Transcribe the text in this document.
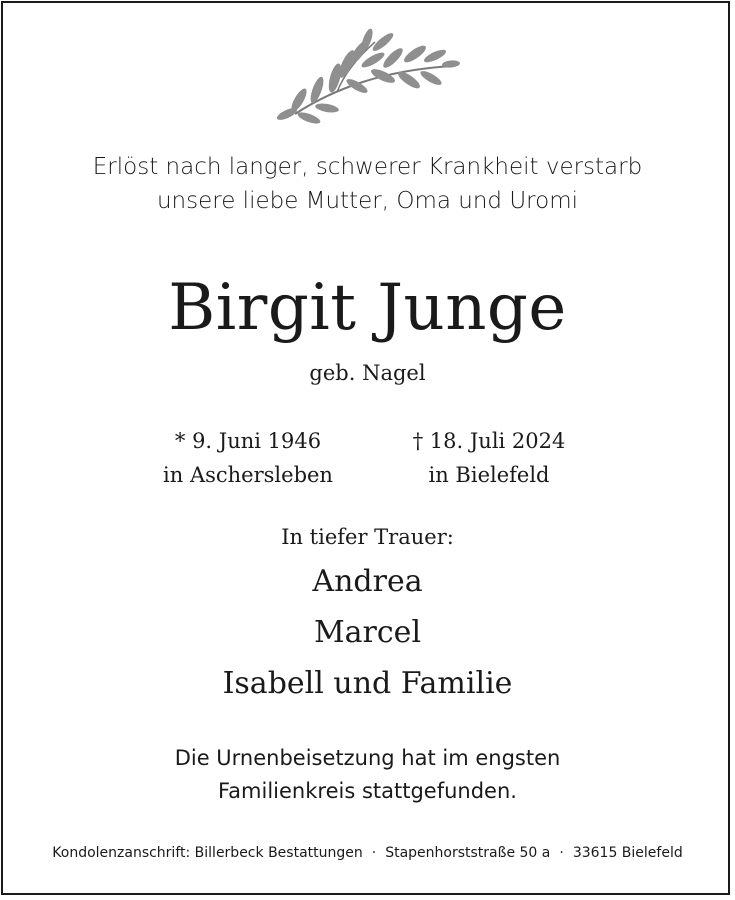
Erlöst nach langer, schwerer Krankheit verstarb
unsere liebe Mutter, Oma und Uromi
Birgit Junge
geb. Nagel
* 9. Juni 1946
in Aschersleben
† 18. Juli 2024
in Bielefeld
In tiefer Trauer:
Andrea
Marcel
Isabell und Familie
Die Urnenbeisetzung hat im engsten
Familienkreis stattgefunden.
Kondolenzanschrift: Billerbeck Bestattungen · Stapenhorststraße 50 a · 33615 Bielefeld
